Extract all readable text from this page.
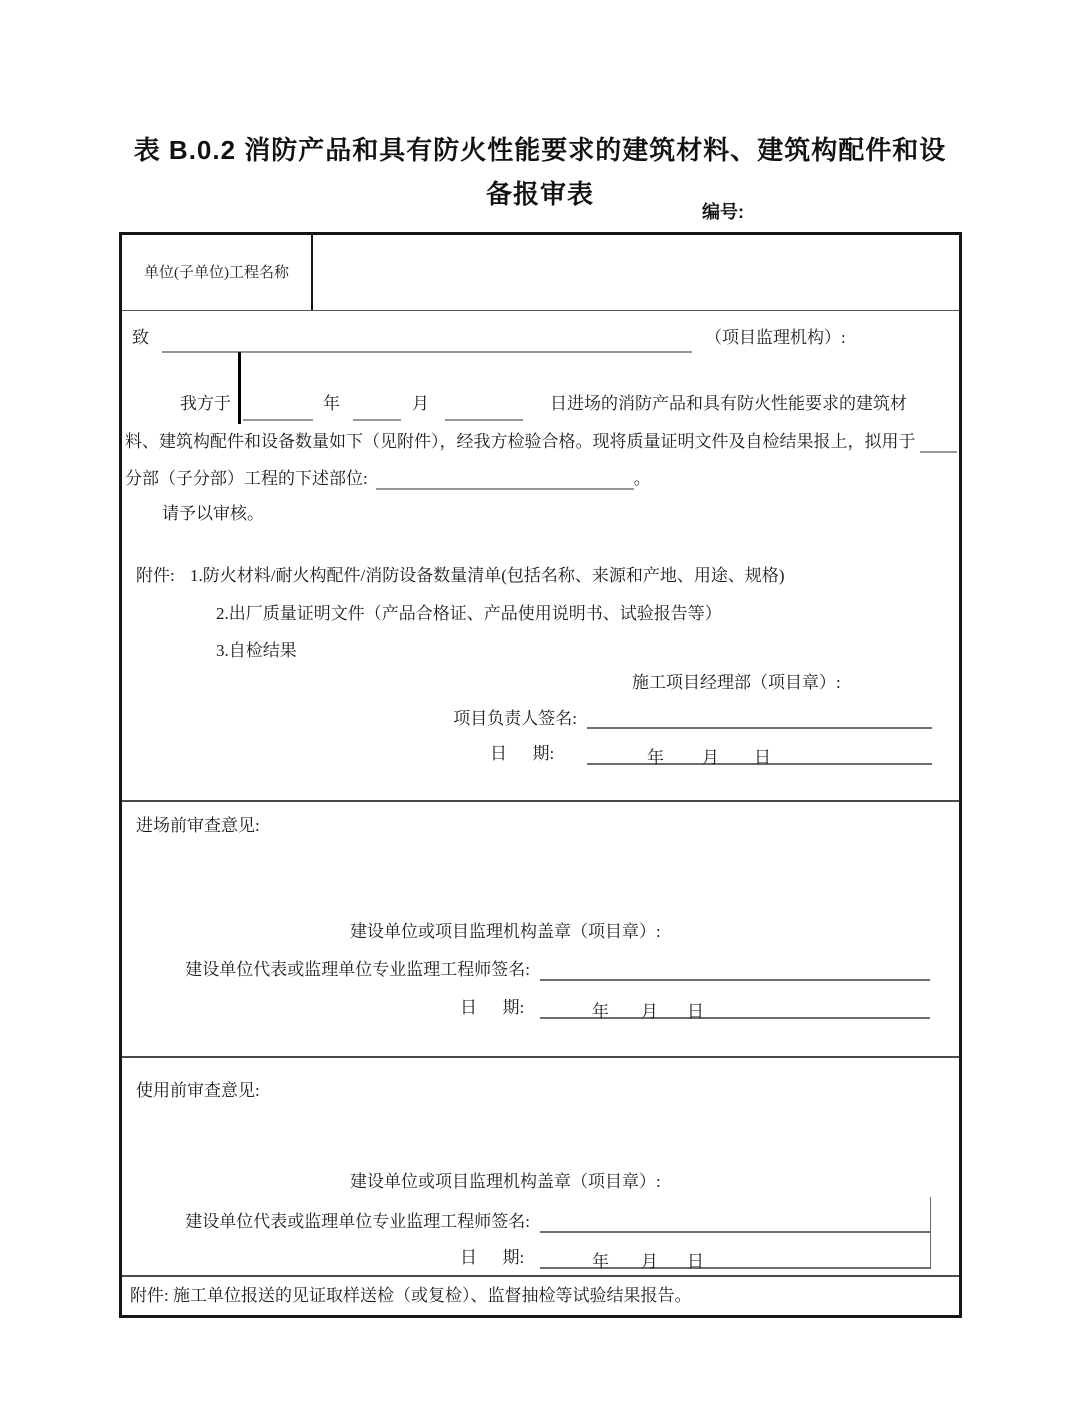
表 B.0.2 消防产品和具有防火性能要求的建筑材料、建筑构配件和设
备报审表
编号:
单位(子单位)工程名称
致	（项目监理机构）:
我方于	年	月	日进场的消防产品和具有防火性能要求的建筑材
料、建筑构配件和设备数量如下（见附件），经我方检验合格。现将质量证明文件及自检结果报上，拟用于
分部（子分部）工程的下述部位:	。
请予以审核。
附件: 1.防火材料/耐火构配件/消防设备数量清单(包括名称、来源和产地、用途、规格)
2.出厂质量证明文件（产品合格证、产品使用说明书、试验报告等）
3.自检结果
施工项目经理部（项目章）:
项目负责人签名:
日      期:	年 月 日
进场前审查意见:
建设单位或项目监理机构盖章（项目章）:
建设单位代表或监理单位专业监理工程师签名:
日      期:	年 月 日
使用前审查意见:
建设单位或项目监理机构盖章（项目章）:
建设单位代表或监理单位专业监理工程师签名:
日      期:	年 月 日
附件: 施工单位报送的见证取样送检（或复检）、监督抽检等试验结果报告。
